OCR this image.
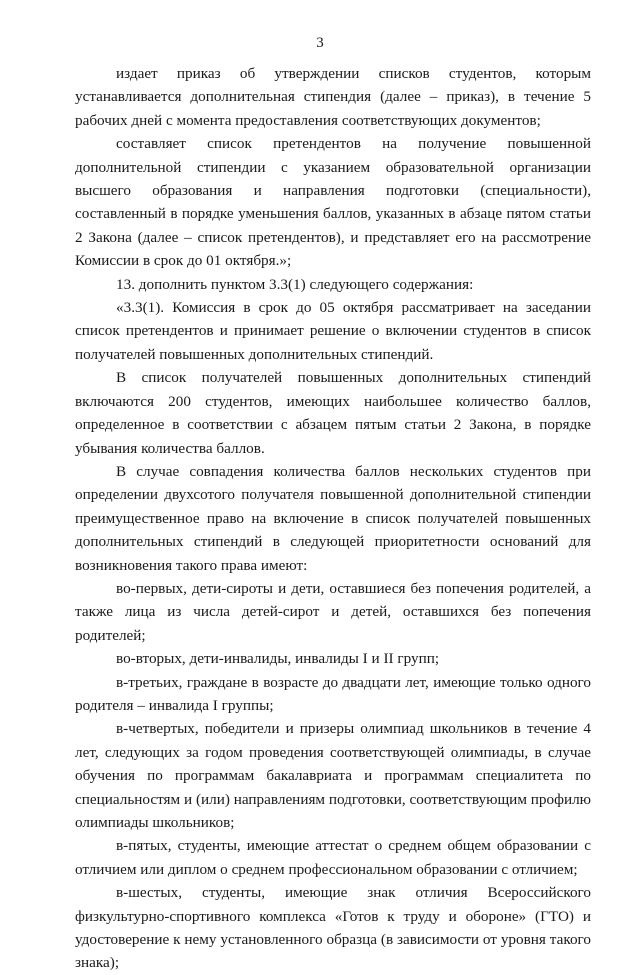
3

издает приказ об утверждении списков студентов, которым устанавливается дополнительная стипендия (далее – приказ), в течение 5 рабочих дней с момента предоставления соответствующих документов;

составляет список претендентов на получение повышенной дополнительной стипендии с указанием образовательной организации высшего образования и направления подготовки (специальности), составленный в порядке уменьшения баллов, указанных в абзаце пятом статьи 2 Закона (далее – список претендентов), и представляет его на рассмотрение Комиссии в срок до 01 октября.»;

13. дополнить пунктом 3.3(1) следующего содержания:

«3.3(1). Комиссия в срок до 05 октября рассматривает на заседании список претендентов и принимает решение о включении студентов в список получателей повышенных дополнительных стипендий.

В список получателей повышенных дополнительных стипендий включаются 200 студентов, имеющих наибольшее количество баллов, определенное в соответствии с абзацем пятым статьи 2 Закона, в порядке убывания количества баллов.

В случае совпадения количества баллов нескольких студентов при определении двухсотого получателя повышенной дополнительной стипендии преимущественное право на включение в список получателей повышенных дополнительных стипендий в следующей приоритетности оснований для возникновения такого права имеют:

во-первых, дети-сироты и дети, оставшиеся без попечения родителей, а также лица из числа детей-сирот и детей, оставшихся без попечения родителей;

во-вторых, дети-инвалиды, инвалиды I и II групп;

в-третьих, граждане в возрасте до двадцати лет, имеющие только одного родителя – инвалида I группы;

в-четвертых, победители и призеры олимпиад школьников в течение 4 лет, следующих за годом проведения соответствующей олимпиады, в случае обучения по программам бакалавриата и программам специалитета по специальностям и (или) направлениям подготовки, соответствующим профилю олимпиады школьников;

в-пятых, студенты, имеющие аттестат о среднем общем образовании с отличием или диплом о среднем профессиональном образовании с отличием;

в-шестых, студенты, имеющие знак отличия Всероссийского физкультурно-спортивного комплекса «Готов к труду и обороне» (ГТО) и удостоверение к нему установленного образца (в зависимости от уровня такого знака);
